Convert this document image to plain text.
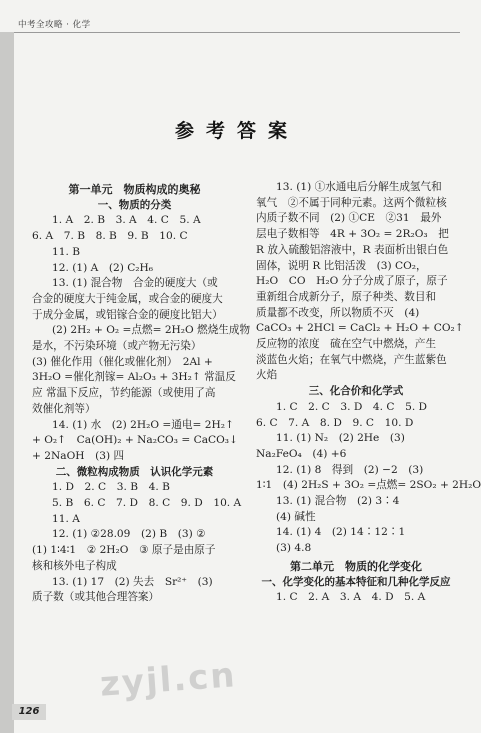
中考全攻略 · 化学
参考答案

第一单元　物质构成的奥秘

一、物质的分类

1. A　2. B　3. A　4. C　5. A

6. A　7. B　8. B　9. B　10. C

11. B

12. (1) A　(2) C₂H₆

13. (1) 混合物　合金的硬度大（或

合金的硬度大于纯金属，或合金的硬度大

于成分金属，或铝镓合金的硬度比铝大）

(2) 2H₂ + O₂ =点燃= 2H₂O 燃烧生成物

是水，不污染环境（或产物无污染）

(3) 催化作用（催化或催化剂）　2Al +

3H₂O =催化剂镓= Al₂O₃ + 3H₂↑ 常温反

应 常温下反应，节约能源（或使用了高

效催化剂等）

14. (1) 水　(2) 2H₂O =通电= 2H₂↑

+ O₂↑　Ca(OH)₂ + Na₂CO₃ = CaCO₃↓

+ 2NaOH　(3) 四

二、微粒构成物质　认识化学元素

1. D　2. C　3. B　4. B

5. B　6. C　7. D　8. C　9. D　10. A

11. A

12. (1) ②28.09　(2) B　(3) ②

(1) 1∶4∶1　② 2H₂O　③ 原子是由原子

核和核外电子构成

13. (1) 17　(2) 失去　Sr²⁺　(3)

质子数（或其他合理答案）

13. (1) ①水通电后分解生成氢气和

氧气　②不属于同种元素。这两个微粒核

内质子数不同　(2) ①CE　②31　最外

层电子数相等　4R + 3O₂ = 2R₂O₃　把

R 放入硫酸铝溶液中，R 表面析出银白色

固体，说明 R 比铝活泼　(3) CO₂，

H₂O　CO　H₂O 分子分成了原子，原子

重新组合成新分子，原子种类、数目和

质量都不改变，所以物质不灭　(4)

CaCO₃ + 2HCl = CaCl₂ + H₂O + CO₂↑

反应物的浓度　硫在空气中燃烧，产生

淡蓝色火焰；在氧气中燃烧，产生蓝紫色

火焰

三、化合价和化学式

1. C　2. C　3. D　4. C　5. D

6. C　7. A　8. D　9. C　10. D

11. (1) N₂　(2) 2He　(3)

Na₂FeO₄　(4) +6

12. (1) 8　得到　(2) −2　(3)

1∶1　(4) 2H₂S + 3O₂ =点燃= 2SO₂ + 2H₂O

13. (1) 混合物　(2) 3∶4

(4) 碱性

14. (1) 4　(2) 14∶12∶1

(3) 4.8

第二单元　物质的化学变化

一、化学变化的基本特征和几种化学反应

1. C　2. A　3. A　4. D　5. A

zyjl.cn
126
